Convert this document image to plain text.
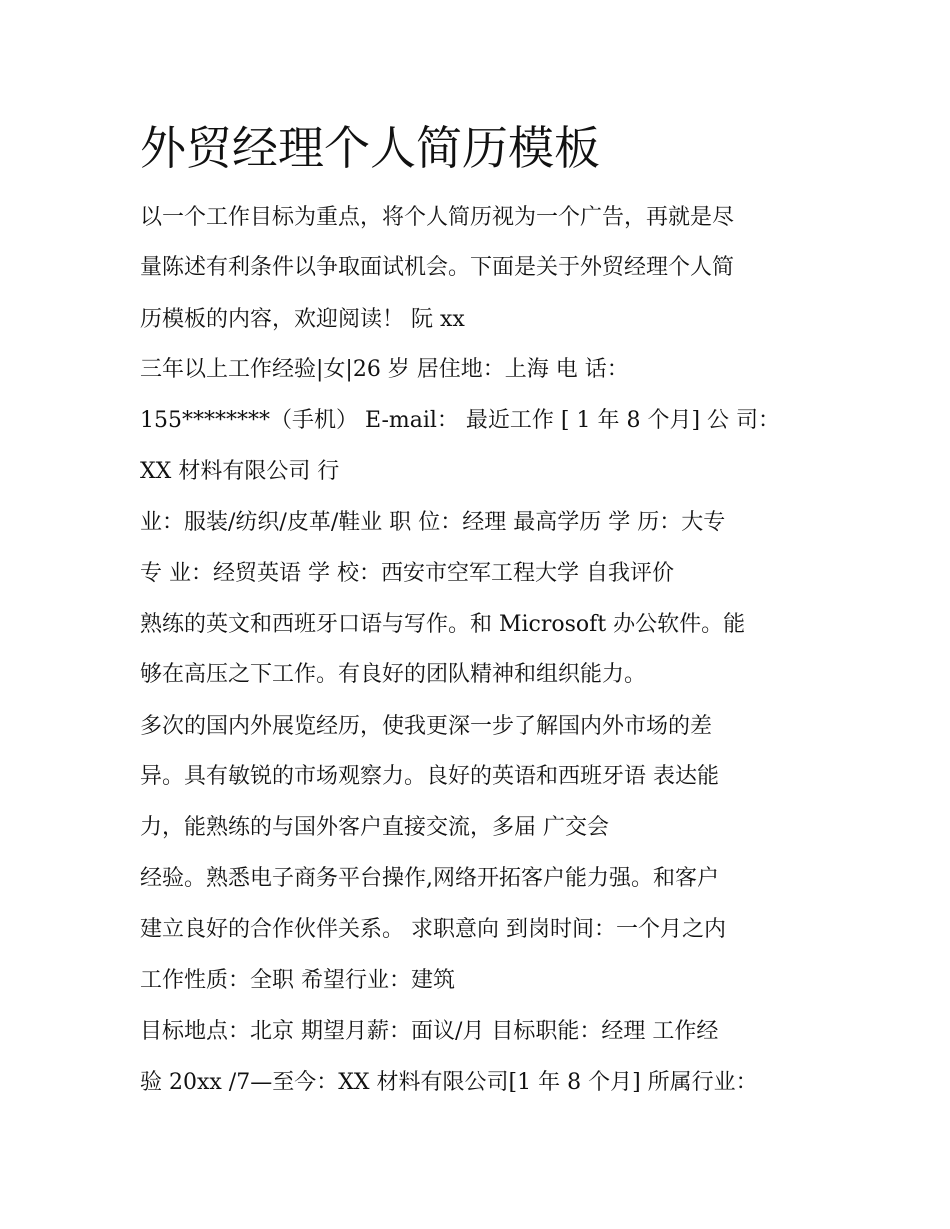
外贸经理个人简历模板

以一个工作目标为重点，将个人简历视为一个广告，再就是尽

量陈述有利条件以争取面试机会。下面是关于外贸经理个人简

历模板的内容，欢迎阅读！ 阮 xx

三年以上工作经验|女|26 岁 居住地：上海 电 话：

155********（手机） E-mail： 最近工作 [ 1 年 8 个月] 公 司：

XX 材料有限公司 行

业：服装/纺织/皮革/鞋业 职 位：经理 最高学历 学 历：大专

专 业：经贸英语 学 校：西安市空军工程大学 自我评价

熟练的英文和西班牙口语与写作。和 Microsoft 办公软件。能

够在高压之下工作。有良好的团队精神和组织能力。

多次的国内外展览经历，使我更深一步了解国内外市场的差

异。具有敏锐的市场观察力。良好的英语和西班牙语 表达能

力，能熟练的与国外客户直接交流，多届 广交会

经验。熟悉电子商务平台操作,网络开拓客户能力强。和客户

建立良好的合作伙伴关系。 求职意向 到岗时间：一个月之内

工作性质：全职 希望行业：建筑

目标地点：北京 期望月薪：面议/月 目标职能：经理 工作经

验 20xx /7—至今：XX 材料有限公司[1 年 8 个月] 所属行业：
